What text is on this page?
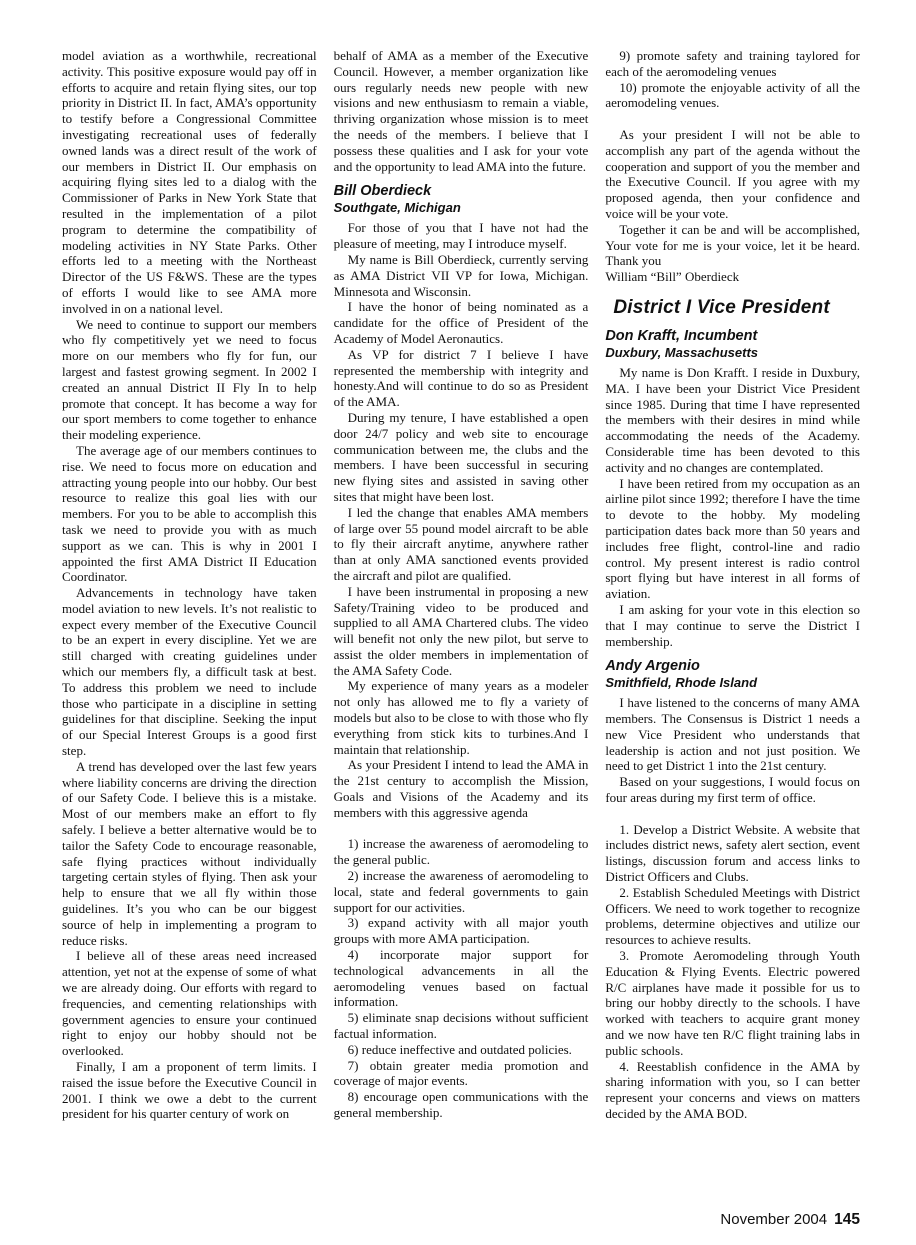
model aviation as a worthwhile, recreational activity. This positive exposure would pay off in efforts to acquire and retain flying sites, our top priority in District II. In fact, AMA’s opportunity to testify before a Congressional Committee investigating recreational uses of federally owned lands was a direct result of the work of our members in District II. Our emphasis on acquiring flying sites led to a dialog with the Commissioner of Parks in New York State that resulted in the implementation of a pilot program to determine the compatibility of modeling activities in NY State Parks. Other efforts led to a meeting with the Northeast Director of the US F&WS. These are the types of efforts I would like to see AMA more involved in on a national level.

We need to continue to support our members who fly competitively yet we need to focus more on our members who fly for fun, our largest and fastest growing segment. In 2002 I created an annual District II Fly In to help promote that concept. It has become a way for our sport members to come together to enhance their modeling experience.

The average age of our members continues to rise. We need to focus more on education and attracting young people into our hobby. Our best resource to realize this goal lies with our members. For you to be able to accomplish this task we need to provide you with as much support as we can. This is why in 2001 I appointed the first AMA District II Education Coordinator.

Advancements in technology have taken model aviation to new levels. It’s not realistic to expect every member of the Executive Council to be an expert in every discipline. Yet we are still charged with creating guidelines under which our members fly, a difficult task at best. To address this problem we need to include those who participate in a discipline in setting guidelines for that discipline. Seeking the input of our Special Interest Groups is a good first step.

A trend has developed over the last few years where liability concerns are driving the direction of our Safety Code. I believe this is a mistake. Most of our members make an effort to fly safely. I believe a better alternative would be to tailor the Safety Code to encourage reasonable, safe flying practices without individually targeting certain styles of flying. Then ask your help to ensure that we all fly within those guidelines. It’s you who can be our biggest source of help in implementing a program to reduce risks.

I believe all of these areas need increased attention, yet not at the expense of some of what we are already doing. Our efforts with regard to frequencies, and cementing relationships with government agencies to ensure your continued right to enjoy our hobby should not be overlooked.

Finally, I am a proponent of term limits. I raised the issue before the Executive Council in 2001. I think we owe a debt to the current president for his quarter century of work on

behalf of AMA as a member of the Executive Council. However, a member organization like ours regularly needs new people with new visions and new enthusiasm to remain a viable, thriving organization whose mission is to meet the needs of the members. I believe that I possess these qualities and I ask for your vote and the opportunity to lead AMA into the future.

Bill Oberdieck
Southgate, Michigan

For those of you that I have not had the pleasure of meeting, may I introduce myself.

My name is Bill Oberdieck, currently serving as AMA District VII VP for Iowa, Michigan. Minnesota and Wisconsin.

I have the honor of being nominated as a candidate for the office of President of the Academy of Model Aeronautics.

As VP for district 7 I believe I have represented the membership with integrity and honesty.And will continue to do so as President of the AMA.

During my tenure, I have established a open door 24/7 policy and web site to encourage communication between me, the clubs and the members. I have been successful in securing new flying sites and assisted in saving other sites that might have been lost.

I led the change that enables AMA members of large over 55 pound model aircraft to be able to fly their aircraft anytime, anywhere rather than at only AMA sanctioned events provided the aircraft and pilot are qualified.

I have been instrumental in proposing a new Safety/Training video to be produced and supplied to all AMA Chartered clubs. The video will benefit not only the new pilot, but serve to assist the older members in implementation of the AMA Safety Code.

My experience of many years as a modeler not only has allowed me to fly a variety of models but also to be close to with those who fly everything from stick kits to turbines.And I maintain that relationship.

As your President I intend to lead the AMA in the 21st century to accomplish the Mission, Goals and Visions of the Academy and its members with this aggressive agenda

1) increase the awareness of aeromodeling to the general public.

2) increase the awareness of aeromodeling to local, state and federal governments to gain support for our activities.

3) expand activity with all major youth groups with more AMA participation.

4) incorporate major support for technological advancements in all the aeromodeling venues based on factual information.

5) eliminate snap decisions without sufficient factual information.

6) reduce ineffective and outdated policies.

7) obtain greater media promotion and coverage of major events.

8) encourage open communications with the general membership.

9) promote safety and training taylored for each of the aeromodeling venues

10) promote the enjoyable activity of all the aeromodeling venues.

As your president I will not be able to accomplish any part of the agenda without the cooperation and support of you the member and the Executive Council. If you agree with my proposed agenda, then your confidence and voice will be your vote.

Together it can be and will be accomplished, Your vote for me is your voice, let it be heard. Thank you

William “Bill” Oberdieck

District I Vice President
Don Krafft, Incumbent
Duxbury, Massachusetts

My name is Don Krafft. I reside in Duxbury, MA. I have been your District Vice President since 1985. During that time I have represented the members with their desires in mind while accommodating the needs of the Academy. Considerable time has been devoted to this activity and no changes are contemplated.

I have been retired from my occupation as an airline pilot since 1992; therefore I have the time to devote to the hobby. My modeling participation dates back more than 50 years and includes free flight, control-line and radio control. My present interest is radio control sport flying but have interest in all forms of aviation.

I am asking for your vote in this election so that I may continue to serve the District I membership.

Andy Argenio
Smithfield, Rhode Island

I have listened to the concerns of many AMA members. The Consensus is District 1 needs a new Vice President who understands that leadership is action and not just position. We need to get District 1 into the 21st century.

Based on your suggestions, I would focus on four areas during my first term of office.

1. Develop a District Website. A website that includes district news, safety alert section, event listings, discussion forum and access links to District Officers and Clubs.

2. Establish Scheduled Meetings with District Officers. We need to work together to recognize problems, determine objectives and utilize our resources to achieve results.

3. Promote Aeromodeling through Youth Education & Flying Events. Electric powered R/C airplanes have made it possible for us to bring our hobby directly to the schools. I have worked with teachers to acquire grant money and we now have ten R/C flight training labs in public schools.

4. Reestablish confidence in the AMA by sharing information with you, so I can better represent your concerns and views on matters decided by the AMA BOD.

November 2004 145
